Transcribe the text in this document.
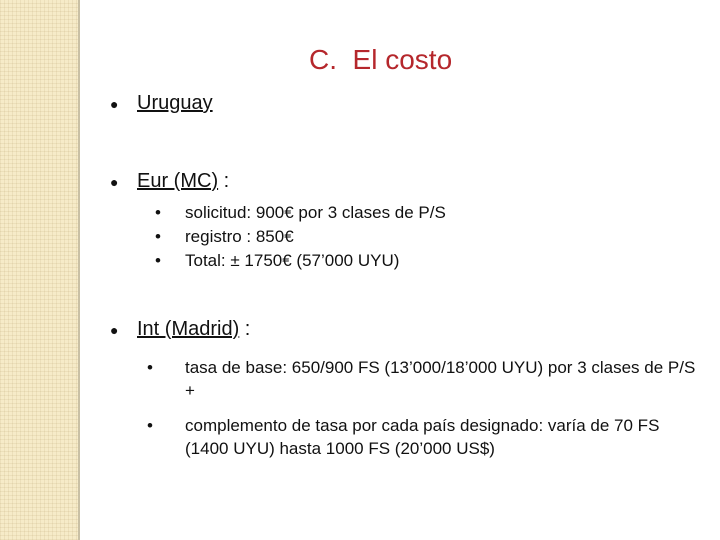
C.  El costo
● Uruguay
● Eur (MC) :
• solicitud: 900€ por 3 clases de P/S
• registro : 850€
• Total: ± 1750€ (57’000 UYU)
● Int (Madrid) :
• tasa de base: 650/900 FS (13’000/18’000 UYU) por 3 clases de P/S +
• complemento de tasa por cada país designado: varía de 70 FS (1400 UYU) hasta 1000 FS (20’000 US$)
